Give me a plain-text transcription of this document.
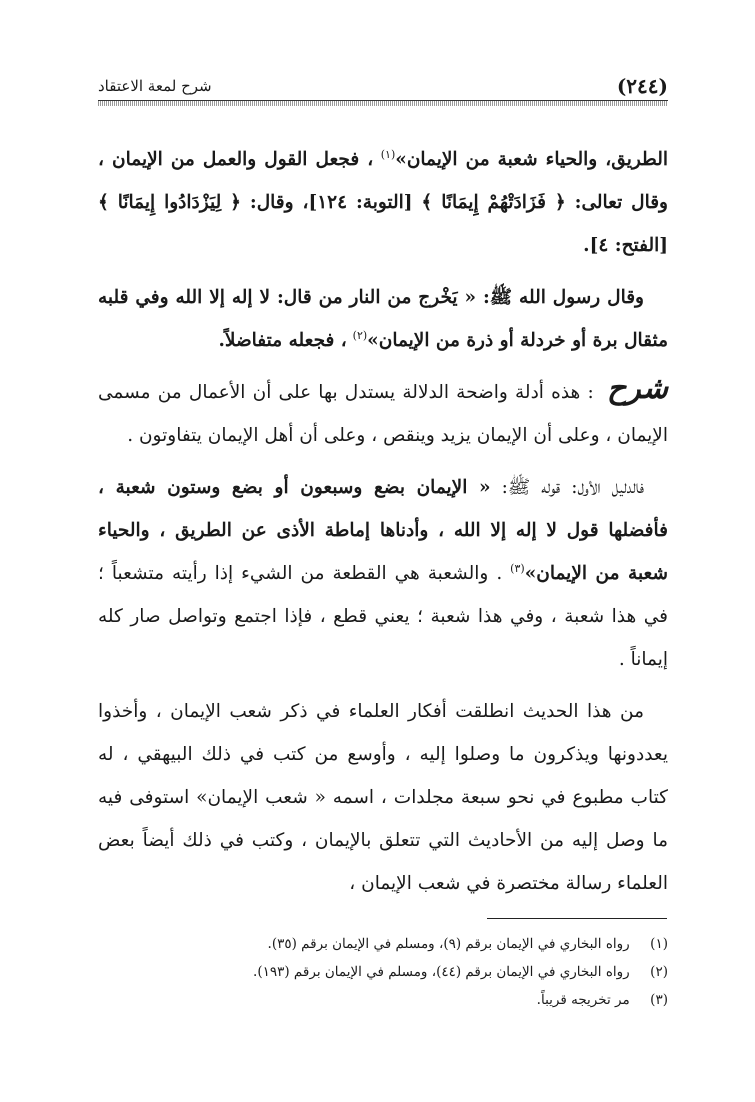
(٢٤٤)
شرح لمعة الاعتقاد

الطريق، والحياء شعبة من الإيمان»$^{(١)}$ ، فجعل القول والعمل من الإيمان ، وقال تعالى: ﴿ فَزَادَتْهُمْ إِيمَانًا ﴾ [التوبة: ١٢٤]، وقال: ﴿ لِيَزْدَادُوا إِيمَانًا ﴾ [الفتح: ٤].

وقال رسول الله ﷺ: « يَخْرج من النار من قال: لا إله إلا الله وفي قلبه مثقال برة أو خردلة أو ذرة من الإيمان»$^{(٢)}$ ، فجعله متفاضلاً.

شرح : هذه أدلة واضحة الدلالة يستدل بها على أن الأعمال من مسمى الإيمان ، وعلى أن الإيمان يزيد وينقص ، وعلى أن أهل الإيمان يتفاوتون .

فالدليل الأول: قوله ﷺ: « الإيمان بضع وسبعون أو بضع وستون شعبة ، فأفضلها قول لا إله إلا الله ، وأدناها إماطة الأذى عن الطريق ، والحياء شعبة من الإيمان»$^{(٣)}$ . والشعبة هي القطعة من الشيء إذا رأيته متشعباً ؛ في هذا شعبة ، وفي هذا شعبة ؛ يعني قطع ، فإذا اجتمع وتواصل صار كله إيماناً .

من هذا الحديث انطلقت أفكار العلماء في ذكر شعب الإيمان ، وأخذوا يعددونها ويذكرون ما وصلوا إليه ، وأوسع من كتب في ذلك البيهقي ، له كتاب مطبوع في نحو سبعة مجلدات ، اسمه « شعب الإيمان» استوفى فيه ما وصل إليه من الأحاديث التي تتعلق بالإيمان ، وكتب في ذلك أيضاً بعض العلماء رسالة مختصرة في شعب الإيمان ،

(١) رواه البخاري في الإيمان برقم (٩)، ومسلم في الإيمان برقم (٣٥).
(٢) رواه البخاري في الإيمان برقم (٤٤)، ومسلم في الإيمان برقم (١٩٣).
(٣) مر تخريجه قريباً.
